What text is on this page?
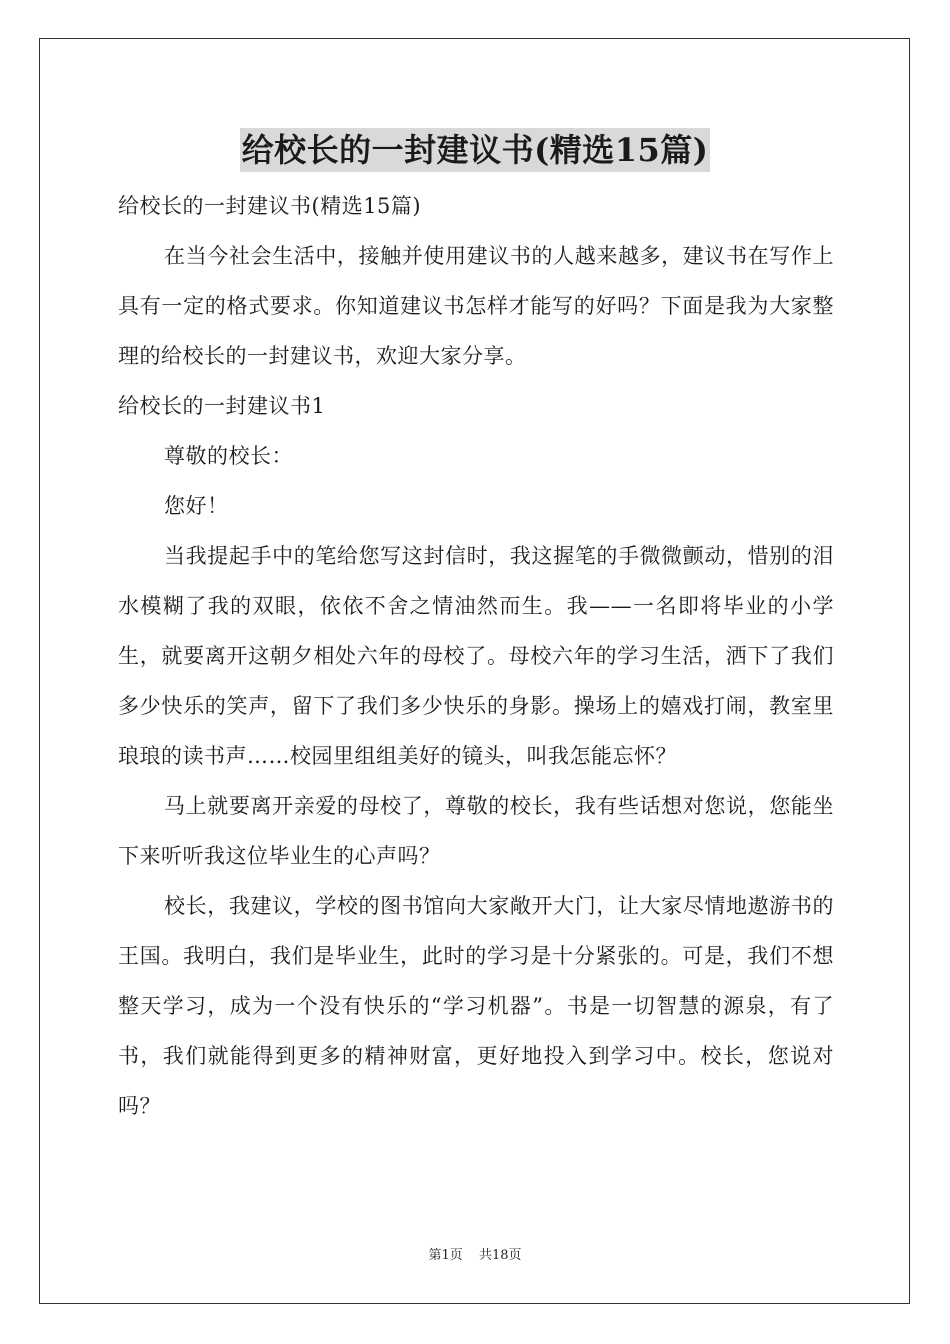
给校长的一封建议书(精选15篇)

给校长的一封建议书(精选15篇)

在当今社会生活中，接触并使用建议书的人越来越多，建议书在写作上具有一定的格式要求。你知道建议书怎样才能写的好吗？下面是我为大家整理的给校长的一封建议书，欢迎大家分享。

给校长的一封建议书1

尊敬的校长：

您好！

当我提起手中的笔给您写这封信时，我这握笔的手微微颤动，惜别的泪水模糊了我的双眼，依依不舍之情油然而生。我——一名即将毕业的小学生，就要离开这朝夕相处六年的母校了。母校六年的学习生活，洒下了我们多少快乐的笑声，留下了我们多少快乐的身影。操场上的嬉戏打闹，教室里琅琅的读书声……校园里组组美好的镜头，叫我怎能忘怀？

马上就要离开亲爱的母校了，尊敬的校长，我有些话想对您说，您能坐下来听听我这位毕业生的心声吗？

校长，我建议，学校的图书馆向大家敞开大门，让大家尽情地遨游书的王国。我明白，我们是毕业生，此时的学习是十分紧张的。可是，我们不想整天学习，成为一个没有快乐的“学习机器”。书是一切智慧的源泉，有了书，我们就能得到更多的精神财富，更好地投入到学习中。校长，您说对吗？

第1页 共18页
